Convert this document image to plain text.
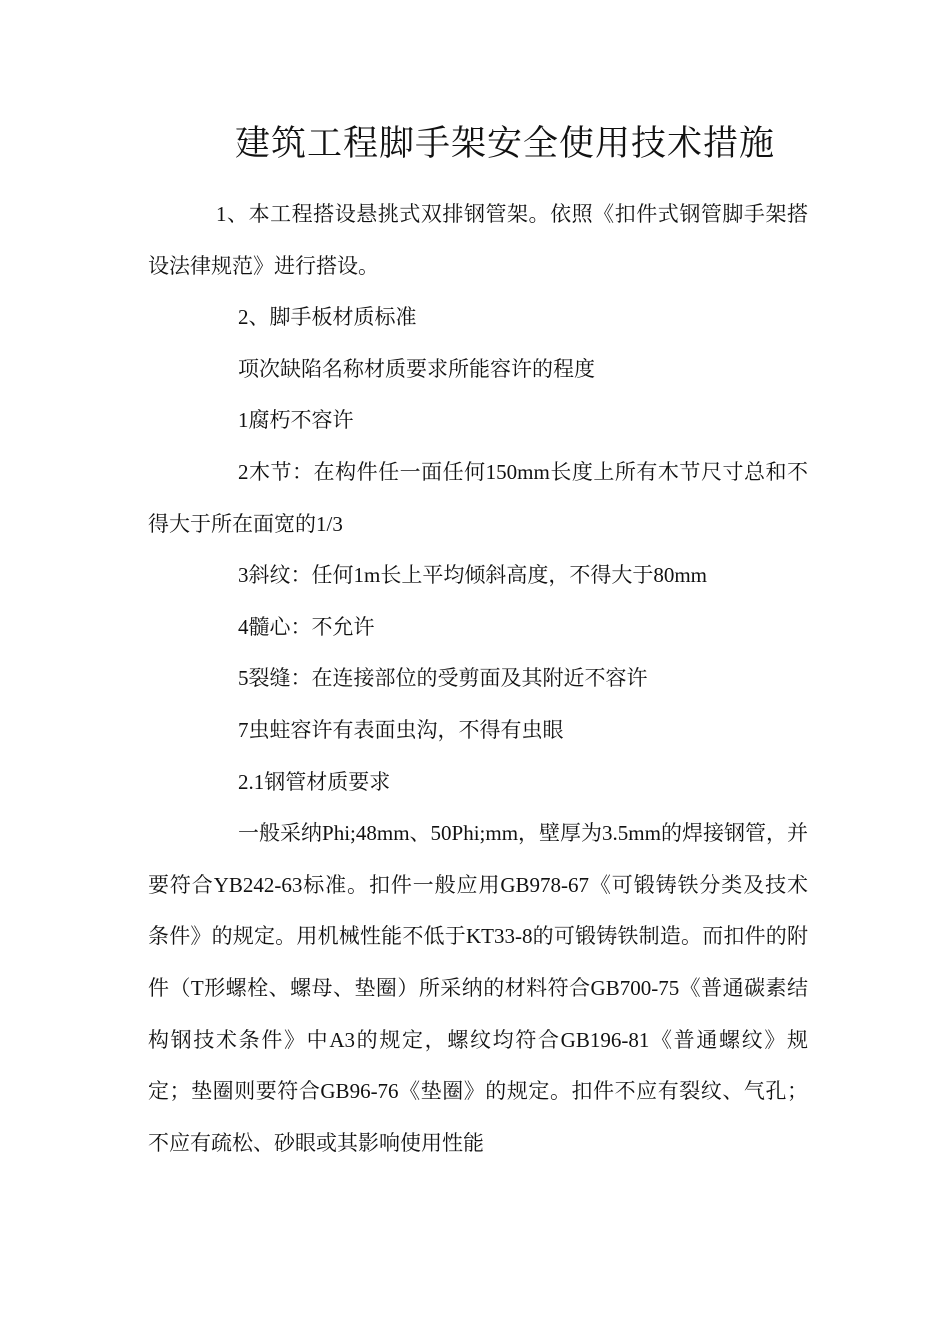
建筑工程脚手架安全使用技术措施

1、本工程搭设悬挑式双排钢管架。依照《扣件式钢管脚手架搭设法律规范》进行搭设。

2、脚手板材质标准

项次缺陷名称材质要求所能容许的程度

1腐朽不容许

2木节：在构件任一面任何150mm长度上所有木节尺寸总和不得大于所在面宽的1/3

3斜纹：任何1m长上平均倾斜高度，不得大于80mm

4髓心：不允许

5裂缝：在连接部位的受剪面及其附近不容许

7虫蛀容许有表面虫沟，不得有虫眼

2.1钢管材质要求

一般采纳Phi;48mm、50Phi;mm，壁厚为3.5mm的焊接钢管，并要符合YB242-63标准。扣件一般应用GB978-67《可锻铸铁分类及技术条件》的规定。用机械性能不低于KT33-8的可锻铸铁制造。而扣件的附件（T形螺栓、螺母、垫圈）所采纳的材料符合GB700-75《普通碳素结构钢技术条件》中A3的规定，螺纹均符合GB196-81《普通螺纹》规定；垫圈则要符合GB96-76《垫圈》的规定。扣件不应有裂纹、气孔；不应有疏松、砂眼或其影响使用性能
